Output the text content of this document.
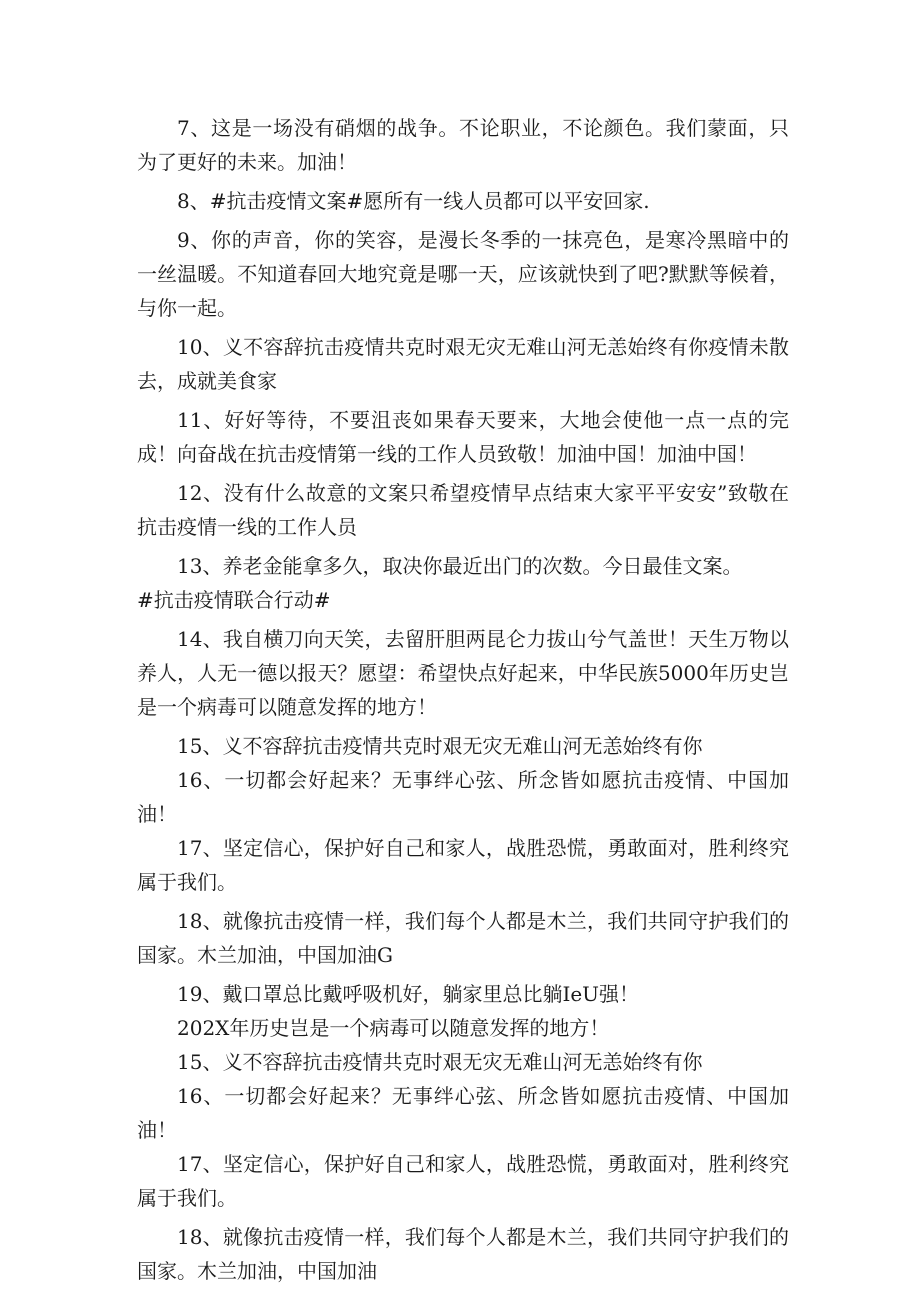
7、这是一场没有硝烟的战争。不论职业，不论颜色。我们蒙面，只为了更好的未来。加油！

8、#抗击疫情文案#愿所有一线人员都可以平安回家.

9、你的声音，你的笑容，是漫长冬季的一抹亮色，是寒冷黑暗中的一丝温暖。不知道春回大地究竟是哪一天，应该就快到了吧?默默等候着，与你一起。

10、义不容辞抗击疫情共克时艰无灾无难山河无恙始终有你疫情未散去，成就美食家

11、好好等待，不要沮丧如果春天要来，大地会使他一点一点的完成！向奋战在抗击疫情第一线的工作人员致敬！加油中国！加油中国！

12、没有什么故意的文案只希望疫情早点结束大家平平安安”致敬在抗击疫情一线的工作人员

13、养老金能拿多久，取决你最近出门的次数。今日最佳文案。

#抗击疫情联合行动#

14、我自横刀向天笑，去留肝胆两昆仑力拔山兮气盖世！天生万物以养人，人无一德以报天？愿望：希望快点好起来，中华民族5000年历史岂是一个病毒可以随意发挥的地方！

15、义不容辞抗击疫情共克时艰无灾无难山河无恙始终有你

16、一切都会好起来？无事绊心弦、所念皆如愿抗击疫情、中国加油！

17、坚定信心，保护好自己和家人，战胜恐慌，勇敢面对，胜利终究属于我们。

18、就像抗击疫情一样，我们每个人都是木兰，我们共同守护我们的国家。木兰加油，中国加油G

19、戴口罩总比戴呼吸机好，躺家里总比躺IeU强！

202X年历史岂是一个病毒可以随意发挥的地方！

15、义不容辞抗击疫情共克时艰无灾无难山河无恙始终有你

16、一切都会好起来？无事绊心弦、所念皆如愿抗击疫情、中国加油！

17、坚定信心，保护好自己和家人，战胜恐慌，勇敢面对，胜利终究属于我们。

18、就像抗击疫情一样，我们每个人都是木兰，我们共同守护我们的国家。木兰加油，中国加油
